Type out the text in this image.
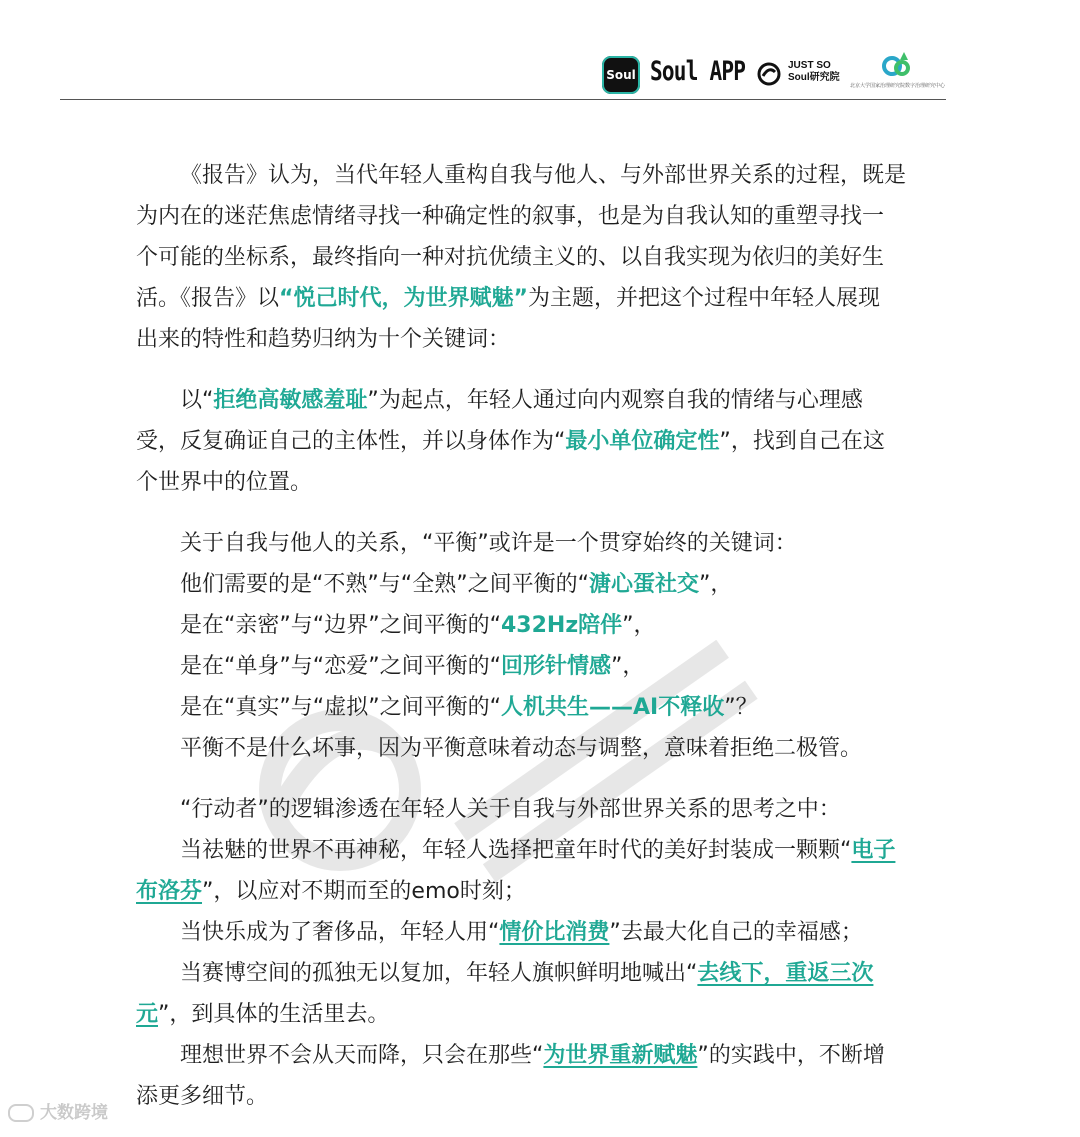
Soul Soul APP	JUST SO
Soul研究院
北京大学国家治理研究院数字治理研究中心
《报告》认为，当代年轻人重构自我与他人、与外部世界关系的过程，既是
为内在的迷茫焦虑情绪寻找一种确定性的叙事，也是为自我认知的重塑寻找一
个可能的坐标系，最终指向一种对抗优绩主义的、以自我实现为依归的美好生
活。《报告》以“悦己时代，为世界赋魅”为主题，并把这个过程中年轻人展现
出来的特性和趋势归纳为十个关键词：
以“拒绝高敏感羞耻”为起点，年轻人通过向内观察自我的情绪与心理感
受，反复确证自己的主体性，并以身体作为“最小单位确定性”，找到自己在这
个世界中的位置。
关于自我与他人的关系，“平衡”或许是一个贯穿始终的关键词：
他们需要的是“不熟”与“全熟”之间平衡的“溏心蛋社交”，
是在“亲密”与“边界”之间平衡的“432Hz陪伴”，
是在“单身”与“恋爱”之间平衡的“回形针情感”，
是在“真实”与“虚拟”之间平衡的“人机共生——AI不释收”？
平衡不是什么坏事，因为平衡意味着动态与调整，意味着拒绝二极管。
“行动者”的逻辑渗透在年轻人关于自我与外部世界关系的思考之中：
当祛魅的世界不再神秘，年轻人选择把童年时代的美好封装成一颗颗“电子
布洛芬”，以应对不期而至的emo时刻；
当快乐成为了奢侈品，年轻人用“情价比消费”去最大化自己的幸福感；
当赛博空间的孤独无以复加，年轻人旗帜鲜明地喊出“去线下，重返三次
元”，到具体的生活里去。
理想世界不会从天而降，只会在那些“为世界重新赋魅”的实践中，不断增
添更多细节。
大数跨境
